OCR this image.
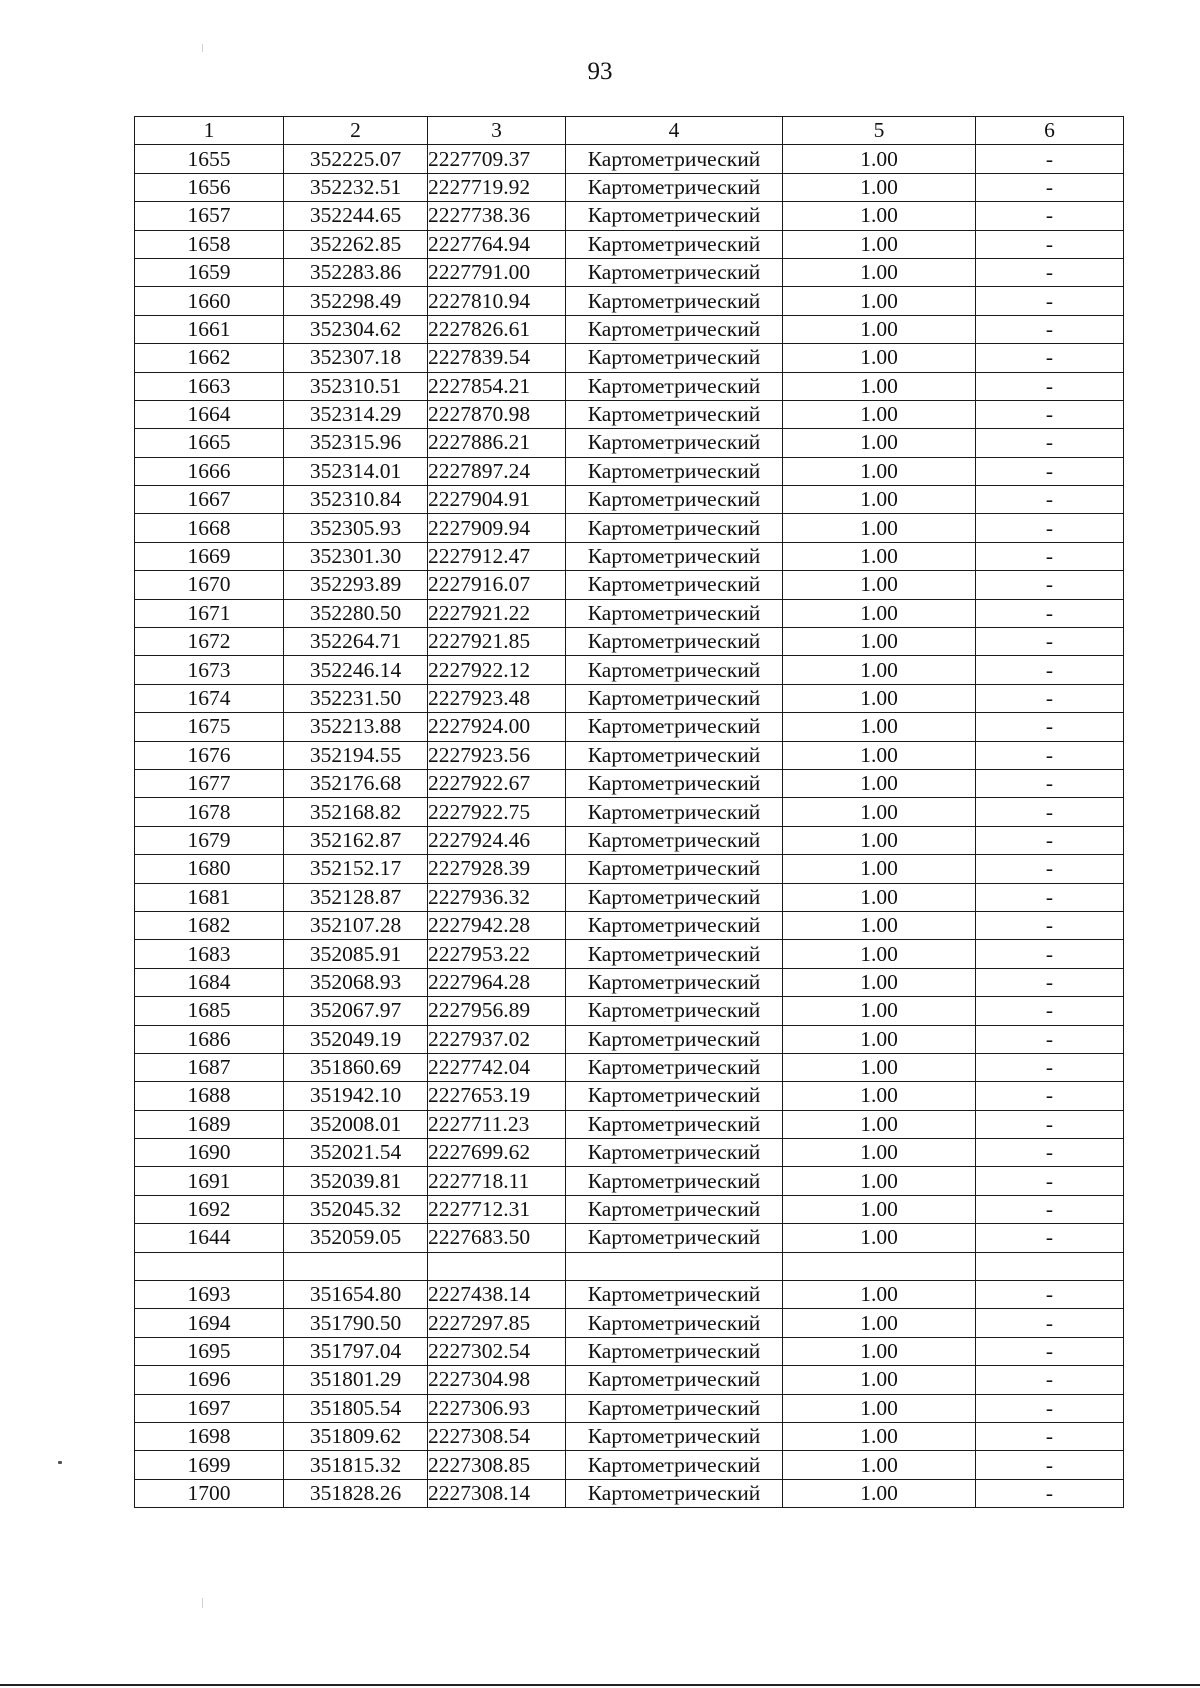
93
1	2	3	4	5	6
1655	352225.07	2227709.37	Картометрический	1.00	-
1656	352232.51	2227719.92	Картометрический	1.00	-
1657	352244.65	2227738.36	Картометрический	1.00	-
1658	352262.85	2227764.94	Картометрический	1.00	-
1659	352283.86	2227791.00	Картометрический	1.00	-
1660	352298.49	2227810.94	Картометрический	1.00	-
1661	352304.62	2227826.61	Картометрический	1.00	-
1662	352307.18	2227839.54	Картометрический	1.00	-
1663	352310.51	2227854.21	Картометрический	1.00	-
1664	352314.29	2227870.98	Картометрический	1.00	-
1665	352315.96	2227886.21	Картометрический	1.00	-
1666	352314.01	2227897.24	Картометрический	1.00	-
1667	352310.84	2227904.91	Картометрический	1.00	-
1668	352305.93	2227909.94	Картометрический	1.00	-
1669	352301.30	2227912.47	Картометрический	1.00	-
1670	352293.89	2227916.07	Картометрический	1.00	-
1671	352280.50	2227921.22	Картометрический	1.00	-
1672	352264.71	2227921.85	Картометрический	1.00	-
1673	352246.14	2227922.12	Картометрический	1.00	-
1674	352231.50	2227923.48	Картометрический	1.00	-
1675	352213.88	2227924.00	Картометрический	1.00	-
1676	352194.55	2227923.56	Картометрический	1.00	-
1677	352176.68	2227922.67	Картометрический	1.00	-
1678	352168.82	2227922.75	Картометрический	1.00	-
1679	352162.87	2227924.46	Картометрический	1.00	-
1680	352152.17	2227928.39	Картометрический	1.00	-
1681	352128.87	2227936.32	Картометрический	1.00	-
1682	352107.28	2227942.28	Картометрический	1.00	-
1683	352085.91	2227953.22	Картометрический	1.00	-
1684	352068.93	2227964.28	Картометрический	1.00	-
1685	352067.97	2227956.89	Картометрический	1.00	-
1686	352049.19	2227937.02	Картометрический	1.00	-
1687	351860.69	2227742.04	Картометрический	1.00	-
1688	351942.10	2227653.19	Картометрический	1.00	-
1689	352008.01	2227711.23	Картометрический	1.00	-
1690	352021.54	2227699.62	Картометрический	1.00	-
1691	352039.81	2227718.11	Картометрический	1.00	-
1692	352045.32	2227712.31	Картометрический	1.00	-
1644	352059.05	2227683.50	Картометрический	1.00	-

1693	351654.80	2227438.14	Картометрический	1.00	-
1694	351790.50	2227297.85	Картометрический	1.00	-
1695	351797.04	2227302.54	Картометрический	1.00	-
1696	351801.29	2227304.98	Картометрический	1.00	-
1697	351805.54	2227306.93	Картометрический	1.00	-
1698	351809.62	2227308.54	Картометрический	1.00	-
1699	351815.32	2227308.85	Картометрический	1.00	-
1700	351828.26	2227308.14	Картометрический	1.00	-
